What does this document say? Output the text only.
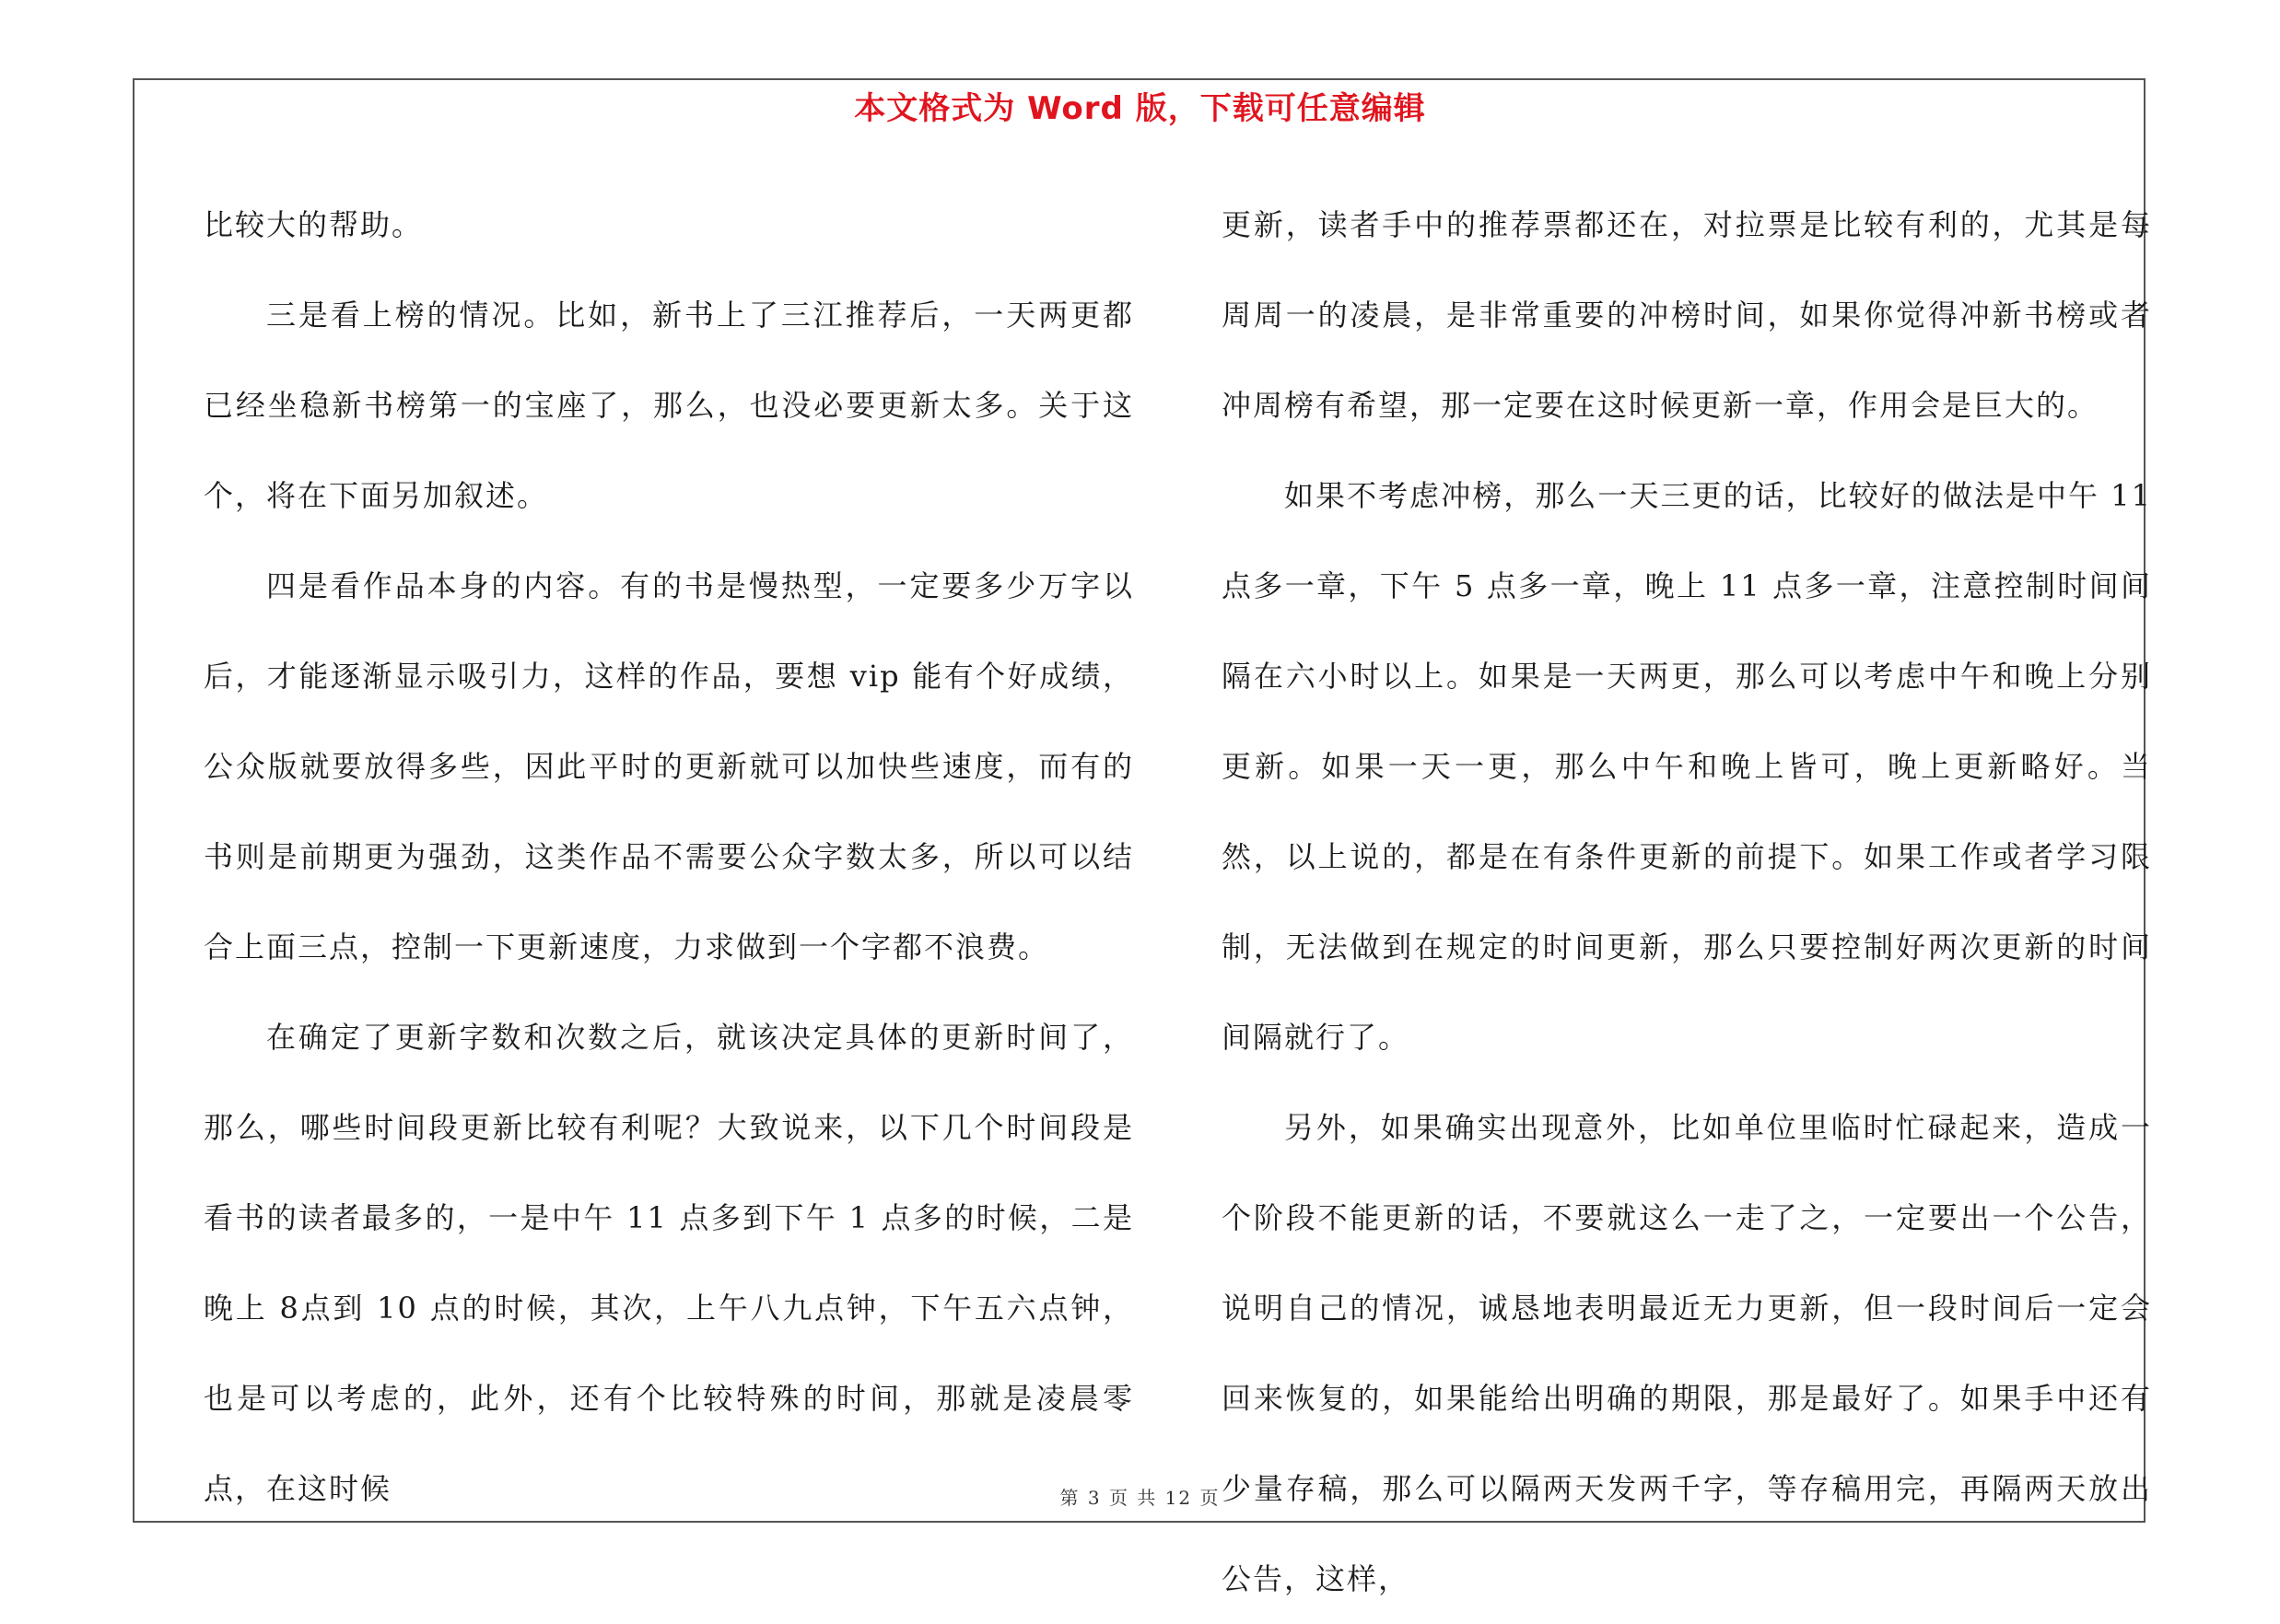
本文格式为 Word 版，下载可任意编辑

比较大的帮助。

三是看上榜的情况。比如，新书上了三江推荐后，一天两更都已经坐稳新书榜第一的宝座了，那么，也没必要更新太多。关于这个，将在下面另加叙述。

四是看作品本身的内容。有的书是慢热型，一定要多少万字以后，才能逐渐显示吸引力，这样的作品，要想 vip 能有个好成绩，公众版就要放得多些，因此平时的更新就可以加快些速度，而有的书则是前期更为强劲，这类作品不需要公众字数太多，所以可以结合上面三点，控制一下更新速度，力求做到一个字都不浪费。

在确定了更新字数和次数之后，就该决定具体的更新时间了，那么，哪些时间段更新比较有利呢？大致说来，以下几个时间段是看书的读者最多的，一是中午 11 点多到下午 1 点多的时候，二是晚上 8点到 10 点的时候，其次，上午八九点钟，下午五六点钟，也是可以考虑的，此外，还有个比较特殊的时间，那就是凌晨零点，在这时候

更新，读者手中的推荐票都还在，对拉票是比较有利的，尤其是每周周一的凌晨，是非常重要的冲榜时间，如果你觉得冲新书榜或者冲周榜有希望，那一定要在这时候更新一章，作用会是巨大的。

如果不考虑冲榜，那么一天三更的话，比较好的做法是中午 11点多一章，下午 5 点多一章，晚上 11 点多一章，注意控制时间间隔在六小时以上。如果是一天两更，那么可以考虑中午和晚上分别更新。如果一天一更，那么中午和晚上皆可，晚上更新略好。当然，以上说的，都是在有条件更新的前提下。如果工作或者学习限制，无法做到在规定的时间更新，那么只要控制好两次更新的时间间隔就行了。

另外，如果确实出现意外，比如单位里临时忙碌起来，造成一个阶段不能更新的话，不要就这么一走了之，一定要出一个公告，说明自己的情况，诚恳地表明最近无力更新，但一段时间后一定会回来恢复的，如果能给出明确的期限，那是最好了。如果手中还有少量存稿，那么可以隔两天发两千字，等存稿用完，再隔两天放出公告，这样，

第 3 页 共 12 页
